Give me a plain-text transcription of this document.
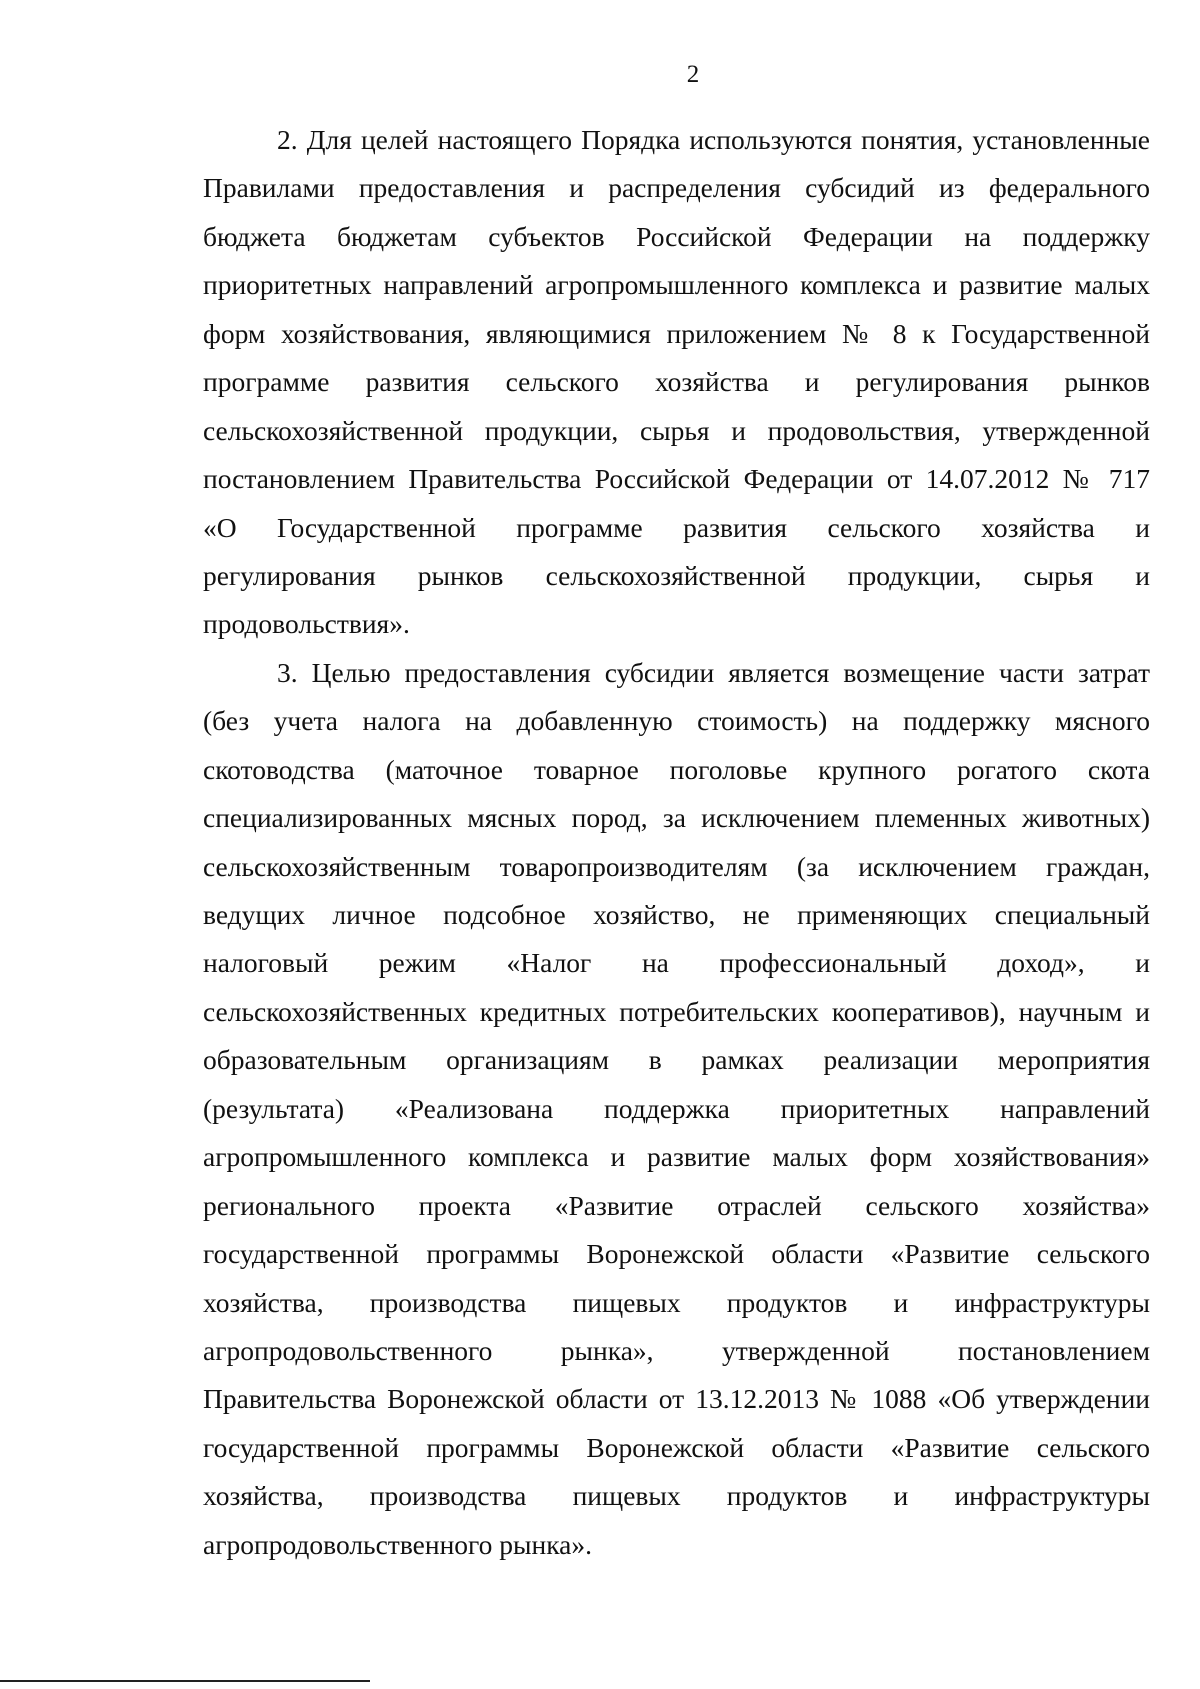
2
2. Для целей настоящего Порядка используются понятия, установленные
Правилами предоставления и распределения субсидий из федерального
бюджета бюджетам субъектов Российской Федерации на поддержку
приоритетных направлений агропромышленного комплекса и развитие малых
форм хозяйствования, являющимися приложением № 8 к Государственной
программе развития сельского хозяйства и регулирования рынков
сельскохозяйственной продукции, сырья и продовольствия, утвержденной
постановлением Правительства Российской Федерации от 14.07.2012 № 717
«О Государственной программе развития сельского хозяйства и
регулирования рынков сельскохозяйственной продукции, сырья и
продовольствия».
3. Целью предоставления субсидии является возмещение части затрат
(без учета налога на добавленную стоимость) на поддержку мясного
скотоводства (маточное товарное поголовье крупного рогатого скота
специализированных мясных пород, за исключением племенных животных)
сельскохозяйственным товаропроизводителям (за исключением граждан,
ведущих личное подсобное хозяйство, не применяющих специальный
налоговый режим «Налог на профессиональный доход», и
сельскохозяйственных кредитных потребительских кооперативов), научным и
образовательным организациям в рамках реализации мероприятия
(результата) «Реализована поддержка приоритетных направлений
агропромышленного комплекса и развитие малых форм хозяйствования»
регионального проекта «Развитие отраслей сельского хозяйства»
государственной программы Воронежской области «Развитие сельского
хозяйства, производства пищевых продуктов и инфраструктуры
агропродовольственного рынка», утвержденной постановлением
Правительства Воронежской области от 13.12.2013 № 1088 «Об утверждении
государственной программы Воронежской области «Развитие сельского
хозяйства, производства пищевых продуктов и инфраструктуры
агропродовольственного рынка».
